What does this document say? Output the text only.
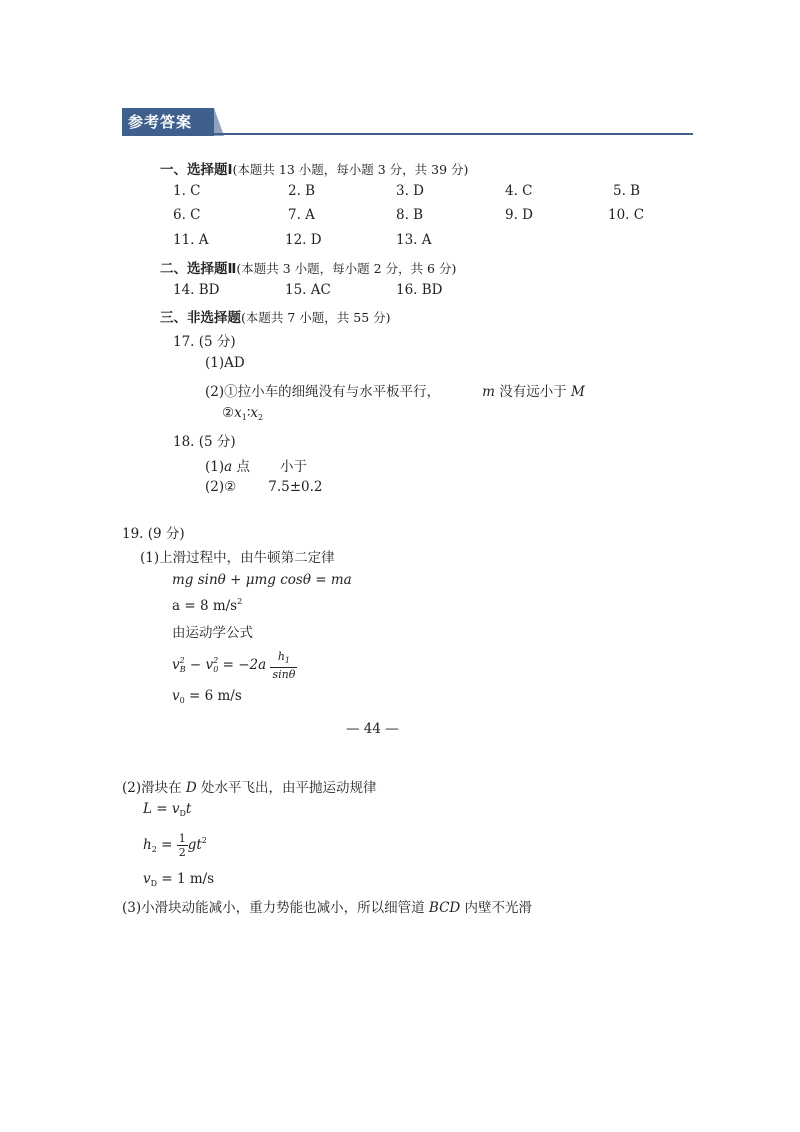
参考答案
一、选择题Ⅰ(本题共 13 小题，每小题 3 分，共 39 分)
1. C	2. B	3. D	4. C	5. B
6. C	7. A	8. B	9. D	10. C
11. A	12. D	13. A
二、选择题Ⅱ(本题共 3 小题，每小题 2 分，共 6 分)
14. BD	15. AC	16. BD
三、非选择题(本题共 7 小题，共 55 分)
17. (5 分)
(1)AD
(2)①拉小车的细绳没有与水平板平行，	m 没有远小于 M
$②x_1∶x_2$
18. (5 分)
(1)a 点 小于
(2)② 7.5±0.2
19. (9 分)
(1)上滑过程中，由牛顿第二定律
mg sinθ + μmg cosθ = ma
a = 8 $m/s^2$
由运动学公式
$v^2_B - v^2_0 = -2a \frac{h_1}{\sin\theta}$
$v_0 = 6$ m/s
— 44 —
(2)滑块在 D 处水平飞出，由平抛运动规律
$L = v_Dt$
$h_2 = \frac{1}{2} gt^2$
$v_D = 1$ m/s
(3)小滑块动能减小，重力势能也减小，所以细管道 BCD 内壁不光滑
